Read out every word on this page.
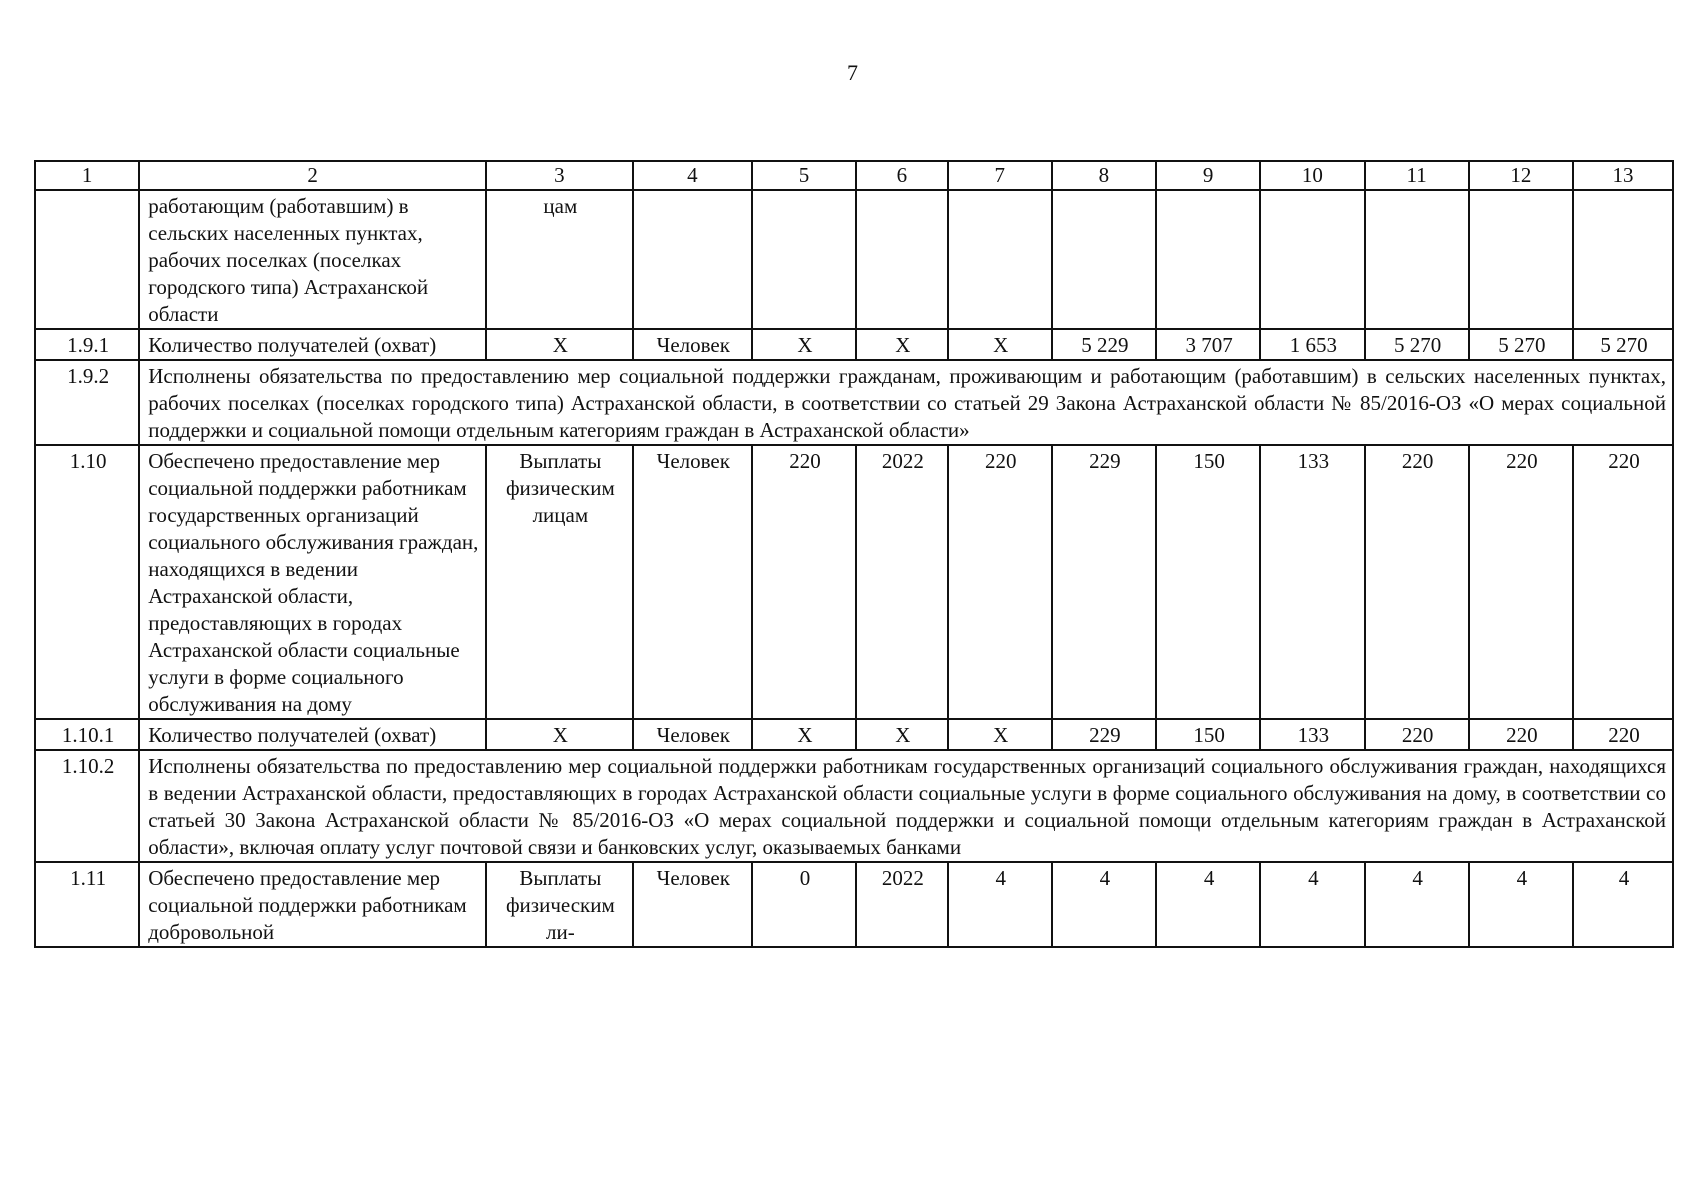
7
1	2	3	4	5	6	7	8	9	10	11	12	13
	работающим (работавшим) в сельских населенных пунктах, рабочих поселках (поселках городского типа) Астраханской области	цам										
1.9.1	Количество получателей (охват)	Х	Человек	Х	Х	Х	5 229	3 707	1 653	5 270	5 270	5 270
1.9.2	Исполнены обязательства по предоставлению мер социальной поддержки гражданам, проживающим и работающим (работавшим) в сельских населенных пунктах, рабочих поселках (поселках городского типа) Астраханской области, в соответствии со статьей 29 Закона Астраханской области № 85/2016-ОЗ «О мерах социальной поддержки и социальной помощи отдельным категориям граждан в Астраханской области»											
1.10	Обеспечено предоставление мер социальной поддержки работникам государственных организаций социального обслуживания граждан, находящихся в ведении Астраханской области, предоставляющих в городах Астраханской области социальные услуги в форме социального обслуживания на дому	Выплаты физическим лицам	Человек	220	2022	220	229	150	133	220	220	220
1.10.1	Количество получателей (охват)	Х	Человек	Х	Х	Х	229	150	133	220	220	220
1.10.2	Исполнены обязательства по предоставлению мер социальной поддержки работникам государственных организаций социального обслуживания граждан, находящихся в ведении Астраханской области, предоставляющих в городах Астраханской области социальные услуги в форме социального обслуживания на дому, в соответствии со статьей 30 Закона Астраханской области № 85/2016-ОЗ «О мерах социальной поддержки и социальной помощи отдельным категориям граждан в Астраханской области», включая оплату услуг почтовой связи и банковских услуг, оказываемых банками											
1.11	Обеспечено предоставление мер социальной поддержки работникам добровольной	Выплаты физическим ли-	Человек	0	2022	4	4	4	4	4	4	4
